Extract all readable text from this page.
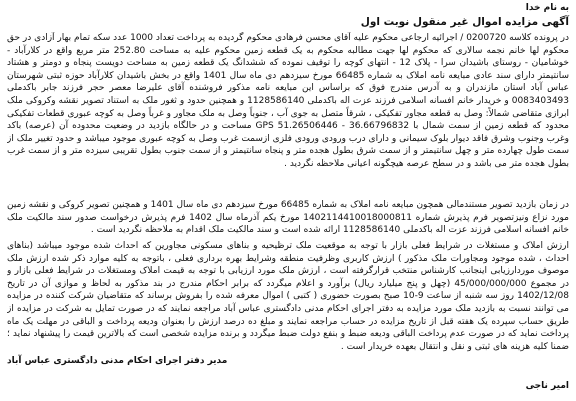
به نام خدا
آگهی مزایده اموال غیر منقول نوبت اول
در پرونده کلاسه 0200720 / اجرائیه ارجاعی محکوم علیه آقای محسن فرهادی محکوم گردیده به پرداخت تعداد 1000 عدد سکه تمام بهار آزادی در حق محکوم لها خانم نجمه سالاری که محکوم لها جهت مطالبه محکوم به یک قطعه زمین محکوم علیه به مساحت 252.80 متر مربع واقع در کلارآباد - خوشامیان - روستای باشیدان سرا - پلاک 12 - انتهای کوچه را توقیف نموده که ششدانگ یک قطعه زمین به مساحت دویست پنجاه و دومتر و هشتاد سانتیمتر دارای سند عادی مبایعه نامه املاک به شماره 66485 مورخ سیزدهم دی ماه سال 1401 واقع در بخش باشیدان کلارآباد حوزه ثبتی شهرستان عباس آباد استان مازندران و به آدرس مندرج فوق که براساس این مبایعه نامه مذکور فروشنده آقای علیرضا معصر حجر فرزند جابر باکدملی 0083403493 و خریدار خانم افسانه اسلامی فرزند عزت اله باکدملی 1128586140 و همچنین حدود و ثغور ملک به استناد تصویر نقشه وکروکی ملک ابرازی متقاضی شمالاً: وصل به قطعه مجاور تفکیکی ، شرقاً متصل به جوی آب ، جنوباً وصل به ملک مجاور و غرباً وصل به کوچه عبوری قطعات تفکیکی محدود که قطعه زمین از سمت شمال با 36.66796832 - 51.26506446 GPS مساحت و در حالگاه بازدید در وضعیت محدوده آن (عرصه) باکد وغرب وجنوب وشرق فاقد دیوار بلوک سیمانی و دارای درب ورودی ورودی فلزی ازسمت غرب وصل به کوچه عبوری موجود میباشد و حدود تغییر ملک از سمت طول چهارده متر و چهل سانتیمتر و از سمت شرق بطول هجده متر و پنجاه سانتیمتر و از سمت جنوب بطول تقریبی سیزده متر و از سمت غرب بطول هجده متر می باشد و در سطح عرصه هیچگونه اعیانی ملاحظه نگردید .
در زمان بازدید تصویر مستندمالی همچون مبایعه نامه املاک به شماره 66485 مورخ سیزدهم دی ماه سال 1401 و همچنین تصویر کروکی و نقشه زمین مورد نزاع ونیزتصویر فرم پذیرش شماره 1402114410018000811 مورخ یکم آذرماه سال 1402 فرم پذیرش درخواست صدور سند مالکیت ملک خانم افسانه اسلامی فرزند عزت اله باکدملی 1128586140 ارائه شده است و سند مالکیت ملک اقدام به ملاحظه نگردید است .
ارزش املاک و مستغلات در شرایط فعلی بازار با توجه به موقعیت ملک ترظیحیه و بناهای مسکونی مجاورین که احداث شده موجود میباشد (بناهای احداث ، شده موجود ومجاورات ملک مذکور ) ارزش کاربری وظرفیت منطقه وشرایط بهره برداری فعلی ، باتوجه به کلیه موارد ذکر شده ارزش ملک موصوف موردارزیابی اینجانب کارشناس منتخب قرارگرفته است ، ارزش ملک مورد ارزیابی با توجه به قیمت املاک ومستغلات در شرایط فعلی بازار و در مجموع 45/000/000/000 (چهل و پنج میلیارد ریال) برآورد و اعلام میگردد که برابر احکام مندرج در بند مذکور به لحاظ و موازی آن در تاریخ 1402/12/08 روز سه شنبه از ساعت 9-10 صبح بصورت حضوری ( کتبی ) اموال معرفه شده را بفروش برساند که متقاضیان شرکت کننده در مزایده می توانند نسبت به بازدید ملک مورد مزایده به دفتر اجرای احکام مدنی دادگستری عباس آباد مراجعه نمایند که در صورت تمایل به شرکت در مزایده از طریق حساب سپرده یک هفته قبل از تاریخ مزایده در حساب مراجعه نمایند و مبلغ ده درصد ارزش را بعنوان ودیعه پرداخت و الباقی در مهلت یک ماه پرداخت نماید که در صورت عدم پرداخت الباقی ودیعه ضبط و بنفع دولت ضبط میگردد و برنده مزایده شخصی است که بالاترین قیمت را پیشنهاد نماید ؛ ضمنا کلیه هزینه های ثبتی و نقل و انتقال بعهده خریدار است .
مدیر دفتر اجرای احکام مدنی دادگستری عباس آباد
امیر ناجی
